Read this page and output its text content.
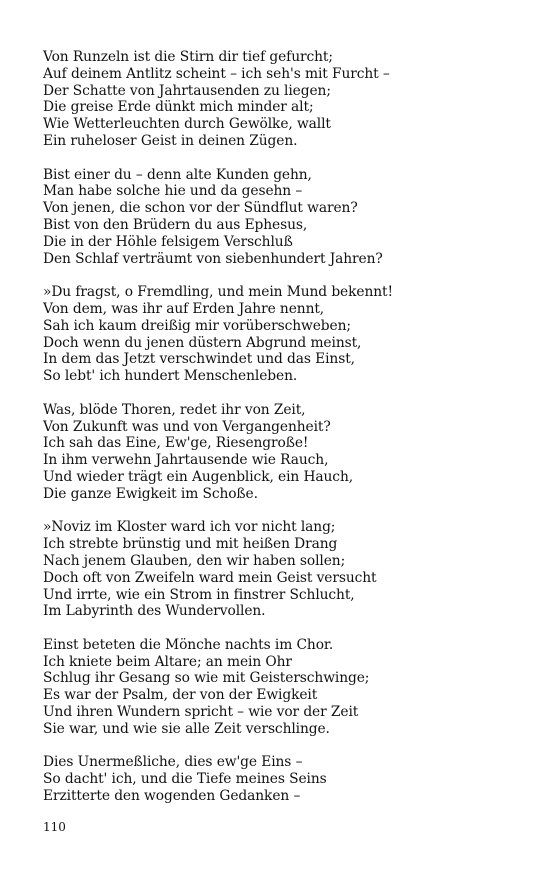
Von Runzeln ist die Stirn dir tief gefurcht;
Auf deinem Antlitz scheint – ich seh's mit Furcht –
Der Schatte von Jahrtausenden zu liegen;
Die greise Erde dünkt mich minder alt;
Wie Wetterleuchten durch Gewölke, wallt
Ein ruheloser Geist in deinen Zügen.
Bist einer du – denn alte Kunden gehn,
Man habe solche hie und da gesehn –
Von jenen, die schon vor der Sündflut waren?
Bist von den Brüdern du aus Ephesus,
Die in der Höhle felsigem Verschluß
Den Schlaf verträumt von siebenhundert Jahren?
»Du fragst, o Fremdling, und mein Mund bekennt!
Von dem, was ihr auf Erden Jahre nennt,
Sah ich kaum dreißig mir vorüberschweben;
Doch wenn du jenen düstern Abgrund meinst,
In dem das Jetzt verschwindet und das Einst,
So lebt' ich hundert Menschenleben.
Was, blöde Thoren, redet ihr von Zeit,
Von Zukunft was und von Vergangenheit?
Ich sah das Eine, Ew'ge, Riesengroße!
In ihm verwehn Jahrtausende wie Rauch,
Und wieder trägt ein Augenblick, ein Hauch,
Die ganze Ewigkeit im Schoße.
»Noviz im Kloster ward ich vor nicht lang;
Ich strebte brünstig und mit heißen Drang
Nach jenem Glauben, den wir haben sollen;
Doch oft von Zweifeln ward mein Geist versucht
Und irrte, wie ein Strom in finstrer Schlucht,
Im Labyrinth des Wundervollen.
Einst beteten die Mönche nachts im Chor.
Ich kniete beim Altare; an mein Ohr
Schlug ihr Gesang so wie mit Geisterschwinge;
Es war der Psalm, der von der Ewigkeit
Und ihren Wundern spricht – wie vor der Zeit
Sie war, und wie sie alle Zeit verschlinge.
Dies Unermeßliche, dies ew'ge Eins –
So dacht' ich, und die Tiefe meines Seins
Erzitterte den wogenden Gedanken –
110
